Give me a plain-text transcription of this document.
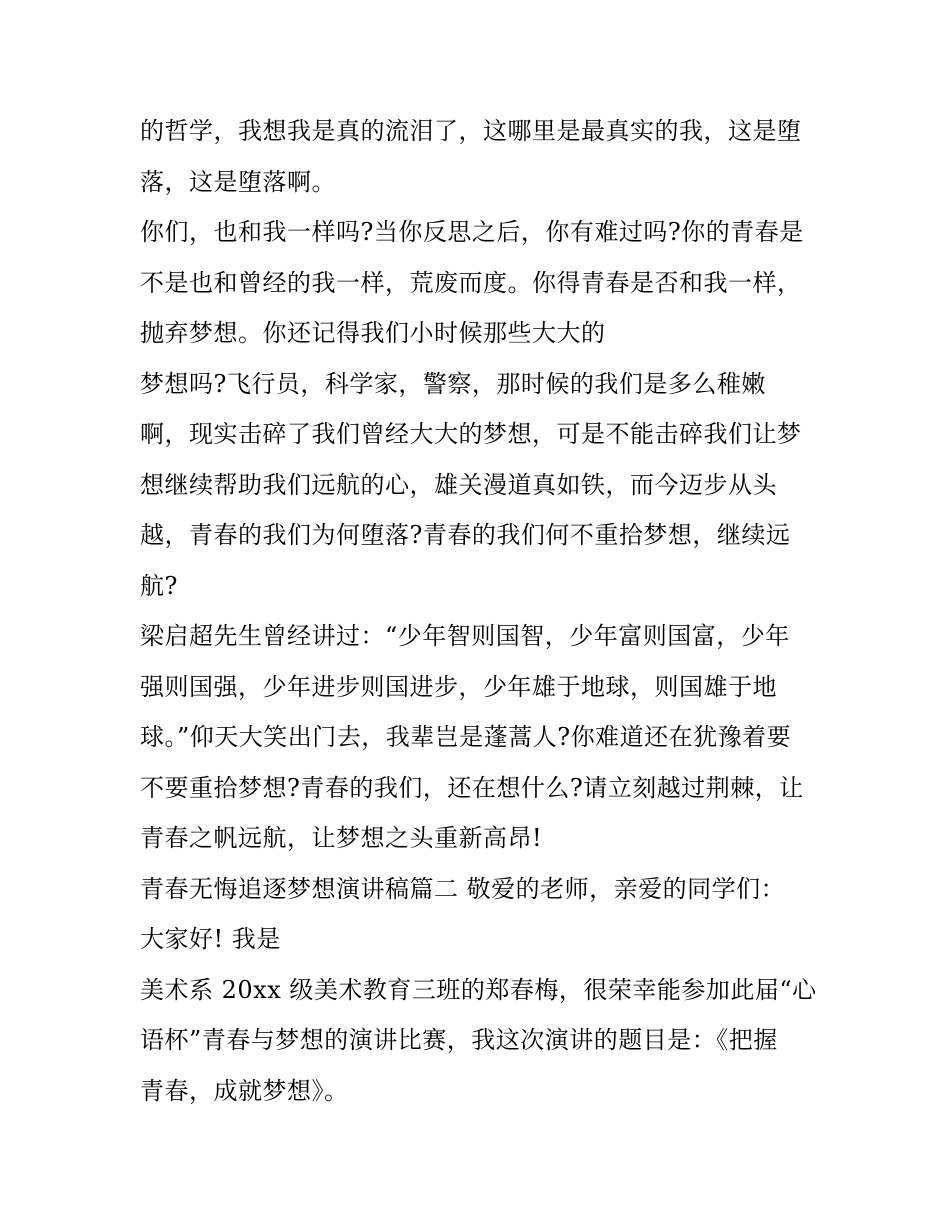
的哲学，我想我是真的流泪了，这哪里是最真实的我，这是堕
落，这是堕落啊。
你们，也和我一样吗?当你反思之后，你有难过吗?你的青春是
不是也和曾经的我一样，荒废而度。你得青春是否和我一样，
抛弃梦想。你还记得我们小时候那些大大的
梦想吗?飞行员，科学家，警察，那时候的我们是多么稚嫩
啊，现实击碎了我们曾经大大的梦想，可是不能击碎我们让梦
想继续帮助我们远航的心，雄关漫道真如铁，而今迈步从头
越，青春的我们为何堕落?青春的我们何不重拾梦想，继续远
航?
梁启超先生曾经讲过：“少年智则国智，少年富则国富，少年
强则国强，少年进步则国进步，少年雄于地球，则国雄于地
球。”仰天大笑出门去，我辈岂是蓬蒿人?你难道还在犹豫着要
不要重拾梦想?青春的我们，还在想什么?请立刻越过荆棘，让
青春之帆远航，让梦想之头重新高昂!
青春无悔追逐梦想演讲稿篇二 敬爱的老师，亲爱的同学们：
大家好! 我是
美术系 20xx 级美术教育三班的郑春梅，很荣幸能参加此届“心
语杯”青春与梦想的演讲比赛，我这次演讲的题目是：《把握
青春，成就梦想》。
